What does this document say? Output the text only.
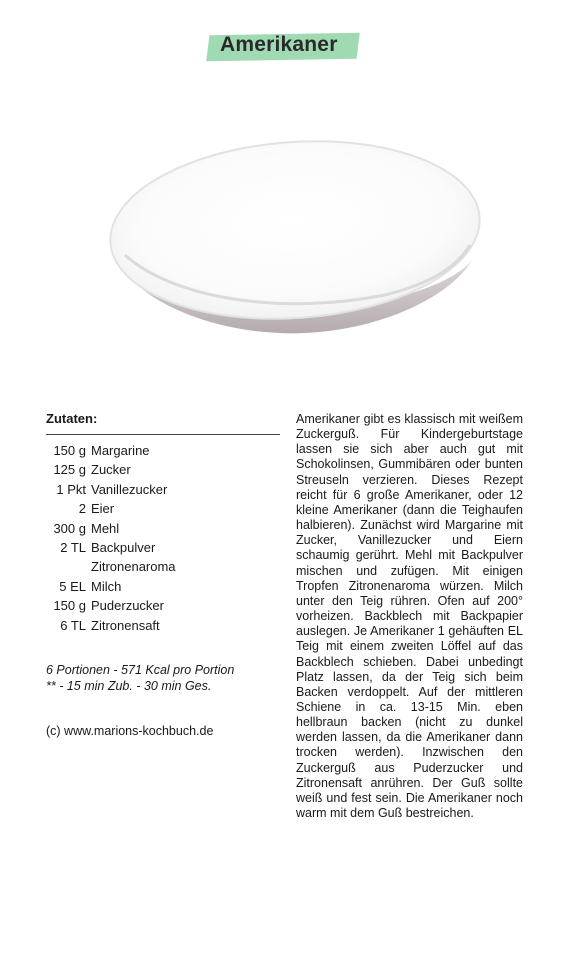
Amerikaner
Zutaten:
150 g Margarine
125 g Zucker
1 Pkt Vanillezucker
2 Eier
300 g Mehl
2 TL Backpulver
Zitronenaroma
5 EL Milch
150 g Puderzucker
6 TL Zitronensaft
6 Portionen - 571 Kcal pro Portion
** - 15 min Zub. - 30 min Ges.
(c) www.marions-kochbuch.de

Amerikaner gibt es klassisch mit weißem Zuckerguß. Für Kindergeburtstage lassen sie sich aber auch gut mit Schokolinsen, Gummibären oder bunten Streuseln verzieren. Dieses Rezept reicht für 6 große Amerikaner, oder 12 kleine Amerikaner (dann die Teighaufen halbieren). Zunächst wird Margarine mit Zucker, Vanillezucker und Eiern schaumig gerührt. Mehl mit Backpulver mischen und zufügen. Mit einigen Tropfen Zitronenaroma würzen. Milch unter den Teig rühren. Ofen auf 200° vorheizen. Backblech mit Backpapier auslegen. Je Amerikaner 1 gehäuften EL Teig mit einem zweiten Löffel auf das Backblech schieben. Dabei unbedingt Platz lassen, da der Teig sich beim Backen verdoppelt. Auf der mittleren Schiene in ca. 13-15 Min. eben hellbraun backen (nicht zu dunkel werden lassen, da die Amerikaner dann trocken werden). Inzwischen den Zuckerguß aus Puderzucker und Zitronensaft anrühren. Der Guß sollte weiß und fest sein. Die Amerikaner noch warm mit dem Guß bestreichen.
